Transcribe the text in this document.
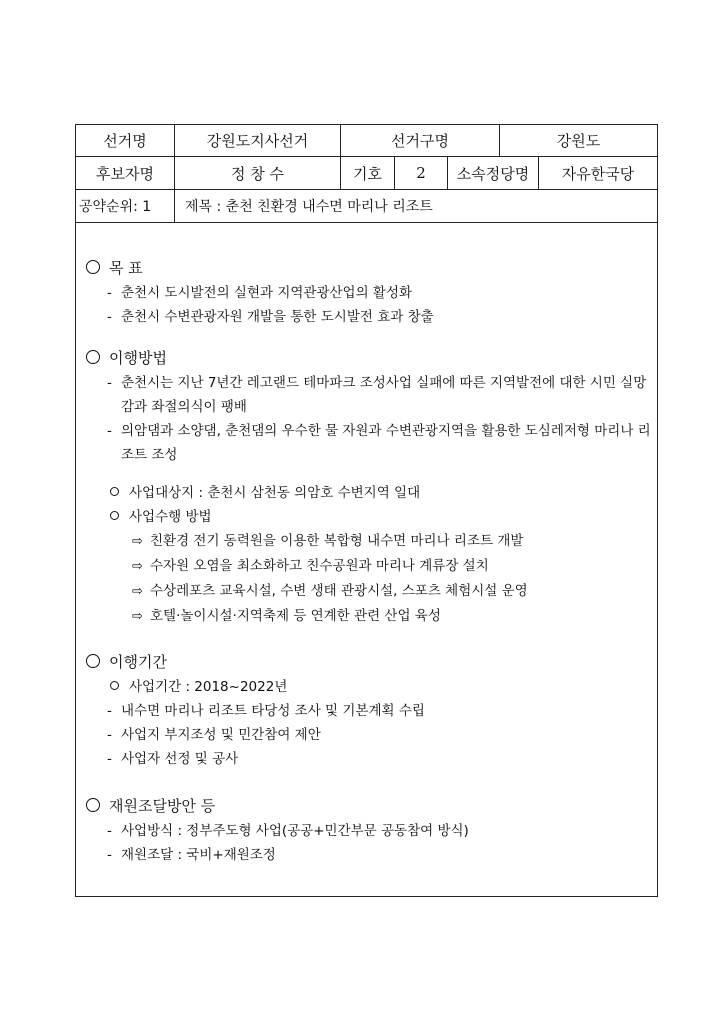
선거명	강원도지사선거	선거구명	강원도
후보자명	정 창 수	기호	2	소속정당명	자유한국당
공약순위: 1	제목 : 춘천 친환경 내수면 마리나 리조트
목 표
- 춘천시 도시발전의 실현과 지역관광산업의 활성화
- 춘천시 수변관광자원 개발을 통한 도시발전 효과 창출
이행방법
- 춘천시는 지난 7년간 레고랜드 테마파크 조성사업 실패에 따른 지역발전에 대한 시민 실망감과 좌절의식이 팽배
- 의암댐과 소양댐, 춘천댐의 우수한 물 자원과 수변관광지역을 활용한 도심레저형 마리나 리조트 조성
사업대상지 : 춘천시 삼천동 의암호 수변지역 일대
사업수행 방법
⇨ 친환경 전기 동력원을 이용한 복합형 내수면 마리나 리조트 개발
⇨ 수자원 오염을 최소화하고 친수공원과 마리나 계류장 설치
⇨ 수상레포츠 교육시설, 수변 생태 관광시설, 스포츠 체험시설 운영
⇨ 호텔·놀이시설·지역축제 등 연계한 관련 산업 육성
이행기간
사업기간 : 2018~2022년
- 내수면 마리나 리조트 타당성 조사 및 기본계획 수립
- 사업지 부지조성 및 민간참여 제안
- 사업자 선정 및 공사
재원조달방안 등
- 사업방식 : 정부주도형 사업(공공+민간부문 공동참여 방식)
- 재원조달 : 국비+재원조정
